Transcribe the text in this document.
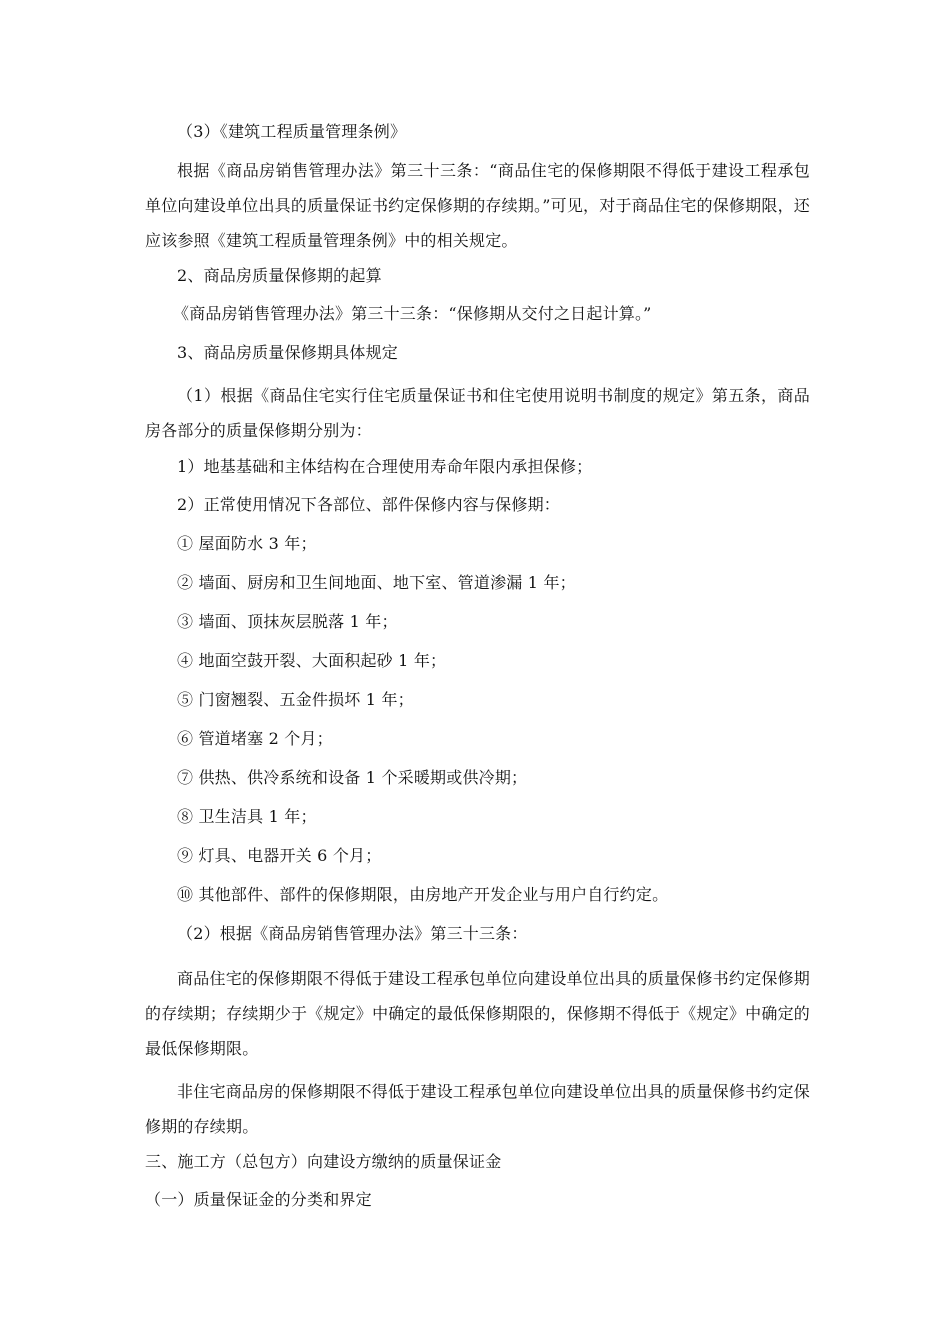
（3）《建筑工程质量管理条例》
根据《商品房销售管理办法》第三十三条：“商品住宅的保修期限不得低于建设工程承包单位向建设单位出具的质量保证书约定保修期的存续期。”可见，对于商品住宅的保修期限，还应该参照《建筑工程质量管理条例》中的相关规定。
2、商品房质量保修期的起算
《商品房销售管理办法》第三十三条：“保修期从交付之日起计算。”
3、商品房质量保修期具体规定
（1）根据《商品住宅实行住宅质量保证书和住宅使用说明书制度的规定》第五条，商品房各部分的质量保修期分别为：
1）地基基础和主体结构在合理使用寿命年限内承担保修；
2）正常使用情况下各部位、部件保修内容与保修期：
① 屋面防水 3 年；
② 墙面、厨房和卫生间地面、地下室、管道渗漏 1 年；
③ 墙面、顶抹灰层脱落 1 年；
④ 地面空鼓开裂、大面积起砂 1 年；
⑤ 门窗翘裂、五金件损坏 1 年；
⑥ 管道堵塞 2 个月；
⑦ 供热、供冷系统和设备 1 个采暖期或供冷期；
⑧ 卫生洁具 1 年；
⑨ 灯具、电器开关 6 个月；
⑩ 其他部件、部件的保修期限，由房地产开发企业与用户自行约定。
（2）根据《商品房销售管理办法》第三十三条：
商品住宅的保修期限不得低于建设工程承包单位向建设单位出具的质量保修书约定保修期的存续期；存续期少于《规定》中确定的最低保修期限的，保修期不得低于《规定》中确定的最低保修期限。
非住宅商品房的保修期限不得低于建设工程承包单位向建设单位出具的质量保修书约定保修期的存续期。
三、施工方（总包方）向建设方缴纳的质量保证金
（一）质量保证金的分类和界定
